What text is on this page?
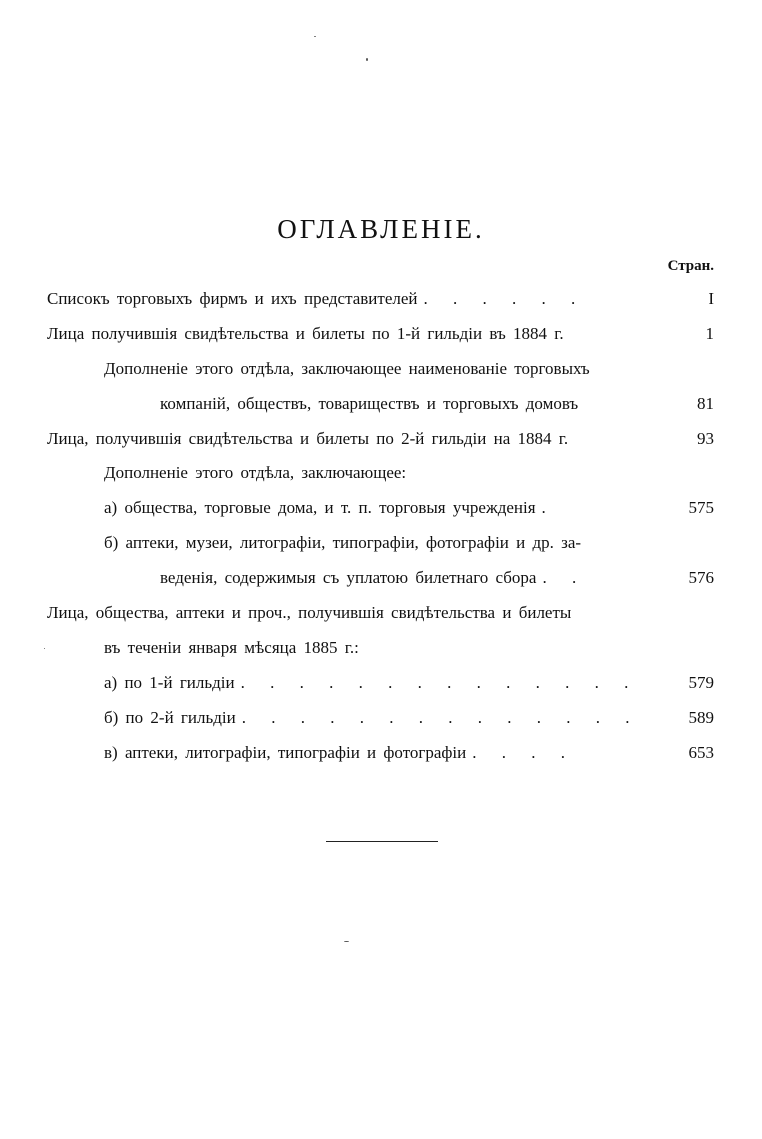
ОГЛАВЛЕНІЕ.
Стран.
Списокъ торговыхъ фирмъ и ихъ представителей . . . . . .	I
Лица получившія свидѣтельства и билеты по 1-й гильдіи въ 1884 г.	1
Дополненіе этого отдѣла, заключающее наименованіе торговыхъ
компаній, обществъ, товариществъ и торговыхъ домовъ	81
Лица, получившія свидѣтельства и билеты по 2-й гильдіи на 1884 г.	93
Дополненіе этого отдѣла, заключающее:
а) общества, торговые дома, и т. п. торговыя учрежденія .	575
б) аптеки, музеи, литографіи, типографіи, фотографіи и др. за-
веденія, содержимыя съ уплатою билетнаго сбора . .	576
Лица, общества, аптеки и проч., получившія свидѣтельства и билеты
въ теченіи января мѣсяца 1885 г.:
а) по 1-й гильдіи . . . . . . . . . . . . . .	579
б) по 2-й гильдіи . . . . . . . . . . . . . .	589
в) аптеки, литографіи, типографіи и фотографіи . . . .	653
